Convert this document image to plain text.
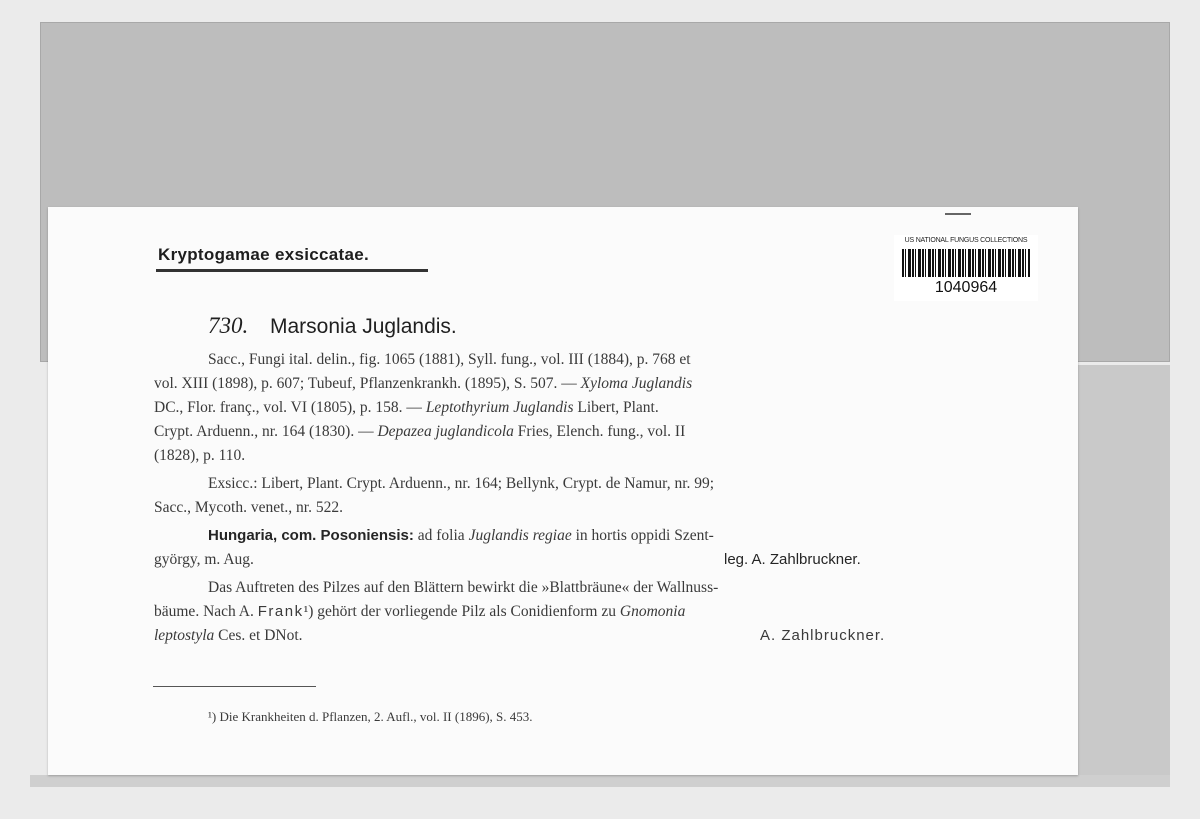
Kryptogamae exsiccatae.
US NATIONAL FUNGUS COLLECTIONS
1040964
730. Marsonia Juglandis.
Sacc., Fungi ital. delin., fig. 1065 (1881), Syll. fung., vol. III (1884), p. 768 et
vol. XIII (1898), p. 607; Tubeuf, Pflanzenkrankh. (1895), S. 507. — Xyloma Juglandis
DC., Flor. franç., vol. VI (1805), p. 158. — Leptothyrium Juglandis Libert, Plant.
Crypt. Arduenn., nr. 164 (1830). — Depazea juglandicola Fries, Elench. fung., vol. II
(1828), p. 110.
Exsicc.: Libert, Plant. Crypt. Arduenn., nr. 164; Bellynk, Crypt. de Namur, nr. 99;
Sacc., Mycoth. venet., nr. 522.
Hungaria, com. Posoniensis: ad folia Juglandis regiae in hortis oppidi Szent-
györgy, m. Aug.	leg. A. Zahlbruckner.
Das Auftreten des Pilzes auf den Blättern bewirkt die »Blattbräune« der Wallnuss-
bäume. Nach A. Frank¹) gehört der vorliegende Pilz als Conidienform zu Gnomonia
leptostyla Ces. et DNot.	A. Zahlbruckner.
¹) Die Krankheiten d. Pflanzen, 2. Aufl., vol. II (1896), S. 453.
